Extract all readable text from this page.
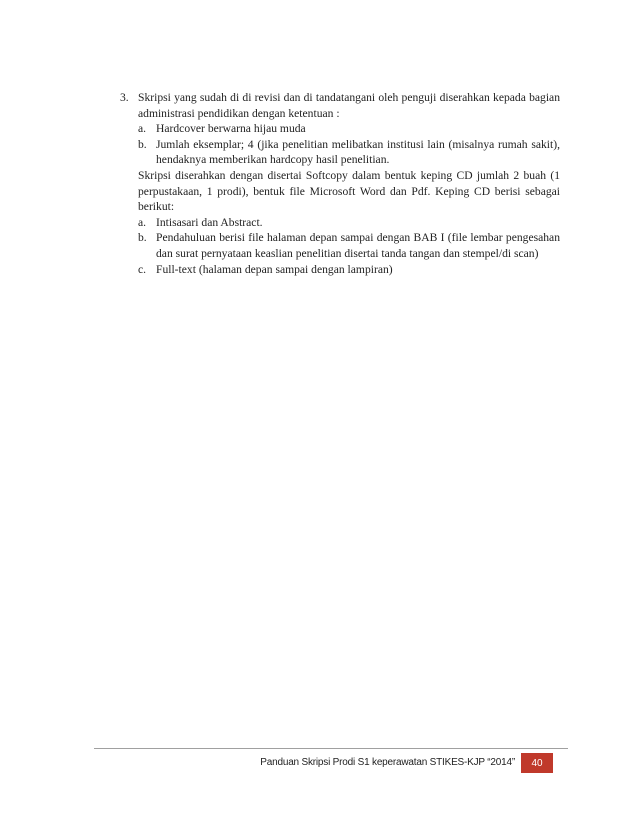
3. Skripsi yang sudah di di revisi dan di tandatangani oleh penguji diserahkan kepada bagian administrasi pendidikan dengan ketentuan :
a. Hardcover berwarna hijau muda
b. Jumlah eksemplar; 4 (jika penelitian melibatkan institusi lain (misalnya rumah sakit), hendaknya memberikan hardcopy hasil penelitian.
Skripsi diserahkan dengan disertai Softcopy dalam bentuk keping CD jumlah 2 buah (1 perpustakaan, 1 prodi), bentuk file Microsoft Word dan Pdf. Keping CD berisi sebagai berikut:
a. Intisasari dan Abstract.
b. Pendahuluan berisi file halaman depan sampai dengan BAB I (file lembar pengesahan dan surat pernyataan keaslian penelitian disertai tanda tangan dan stempel/di scan)
c. Full-text (halaman depan sampai dengan lampiran)
Panduan Skripsi Prodi S1 keperawatan STIKES-KJP “2014”	40
